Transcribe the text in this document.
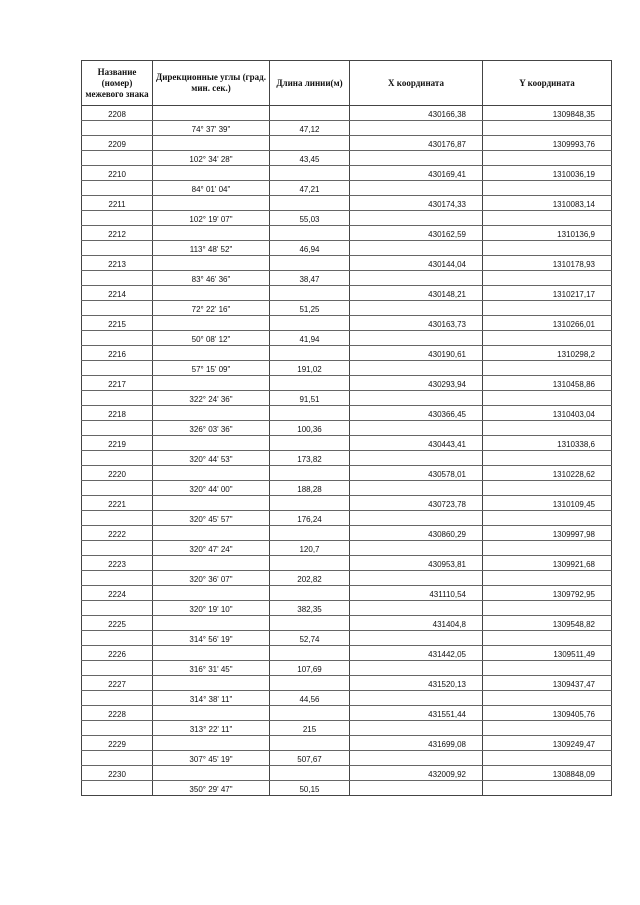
Название (номер) межевого знака	Дирекционные углы (град. мин. сек.)	Длина линии(м)	X координата	Y координата
2208			430166,38	1309848,35
	74° 37' 39"	47,12		
2209			430176,87	1309993,76
	102° 34' 28"	43,45		
2210			430169,41	1310036,19
	84° 01' 04"	47,21		
2211			430174,33	1310083,14
	102° 19' 07"	55,03		
2212			430162,59	1310136,9
	113° 48' 52"	46,94		
2213			430144,04	1310178,93
	83° 46' 36"	38,47		
2214			430148,21	1310217,17
	72° 22' 16"	51,25		
2215			430163,73	1310266,01
	50° 08' 12"	41,94		
2216			430190,61	1310298,2
	57° 15' 09"	191,02		
2217			430293,94	1310458,86
	322° 24' 36"	91,51		
2218			430366,45	1310403,04
	326° 03' 36"	100,36		
2219			430443,41	1310338,6
	320° 44' 53"	173,82		
2220			430578,01	1310228,62
	320° 44' 00"	188,28		
2221			430723,78	1310109,45
	320° 45' 57"	176,24		
2222			430860,29	1309997,98
	320° 47' 24"	120,7		
2223			430953,81	1309921,68
	320° 36' 07"	202,82		
2224			431110,54	1309792,95
	320° 19' 10"	382,35		
2225			431404,8	1309548,82
	314° 56' 19"	52,74		
2226			431442,05	1309511,49
	316° 31' 45"	107,69		
2227			431520,13	1309437,47
	314° 38' 11"	44,56		
2228			431551,44	1309405,76
	313° 22' 11"	215		
2229			431699,08	1309249,47
	307° 45' 19"	507,67		
2230			432009,92	1308848,09
	350° 29' 47"	50,15		
